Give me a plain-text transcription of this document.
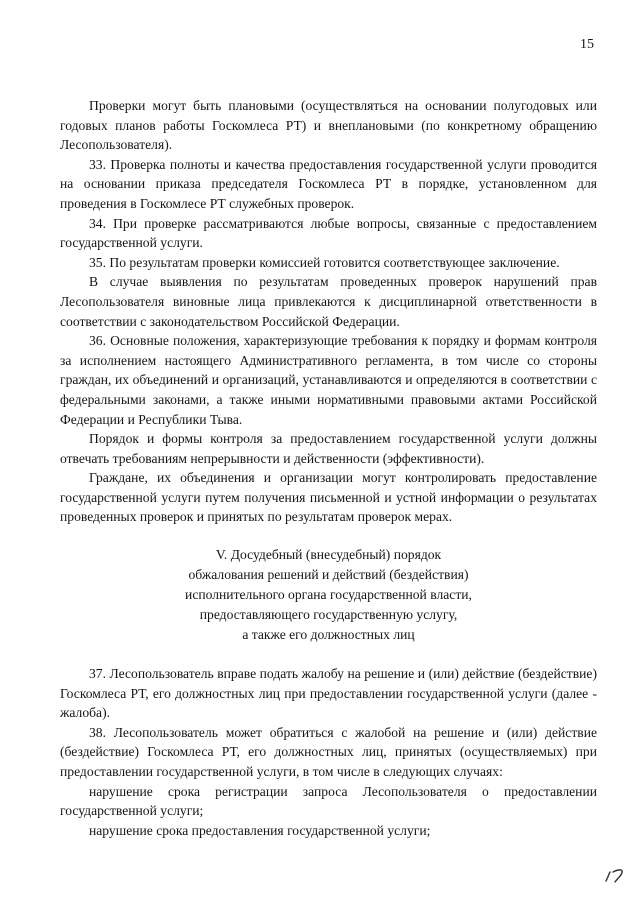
15

Проверки могут быть плановыми (осуществляться на основании полугодовых или годовых планов работы Госкомлеса РТ) и внеплановыми (по конкретному обращению Лесопользователя).

33. Проверка полноты и качества предоставления государственной услуги проводится на основании приказа председателя Госкомлеса РТ в порядке, установленном для проведения в Госкомлесе РТ служебных проверок.

34. При проверке рассматриваются любые вопросы, связанные с предоставлением государственной услуги.

35. По результатам проверки комиссией готовится соответствующее заключение.

В случае выявления по результатам проведенных проверок нарушений прав Лесопользователя виновные лица привлекаются к дисциплинарной ответственности в соответствии с законодательством Российской Федерации.

36. Основные положения, характеризующие требования к порядку и формам контроля за исполнением настоящего Административного регламента, в том числе со стороны граждан, их объединений и организаций, устанавливаются и определяются в соответствии с федеральными законами, а также иными нормативными правовыми актами Российской Федерации и Республики Тыва.

Порядок и формы контроля за предоставлением государственной услуги должны отвечать требованиям непрерывности и действенности (эффективности).

Граждане, их объединения и организации могут контролировать предоставление государственной услуги путем получения письменной и устной информации о результатах проведенных проверок и принятых по результатам проверок мерах.

V. Досудебный (внесудебный) порядок
обжалования решений и действий (бездействия)
исполнительного органа государственной власти,
предоставляющего государственную услугу,
а также его должностных лиц

37. Лесопользователь вправе подать жалобу на решение и (или) действие (бездействие) Госкомлеса РТ, его должностных лиц при предоставлении государственной услуги (далее - жалоба).

38. Лесопользователь может обратиться с жалобой на решение и (или) действие (бездействие) Госкомлеса РТ, его должностных лиц, принятых (осуществляемых) при предоставлении государственной услуги, в том числе в следующих случаях:

нарушение срока регистрации запроса Лесопользователя о предоставлении государственной услуги;

нарушение срока предоставления государственной услуги;
